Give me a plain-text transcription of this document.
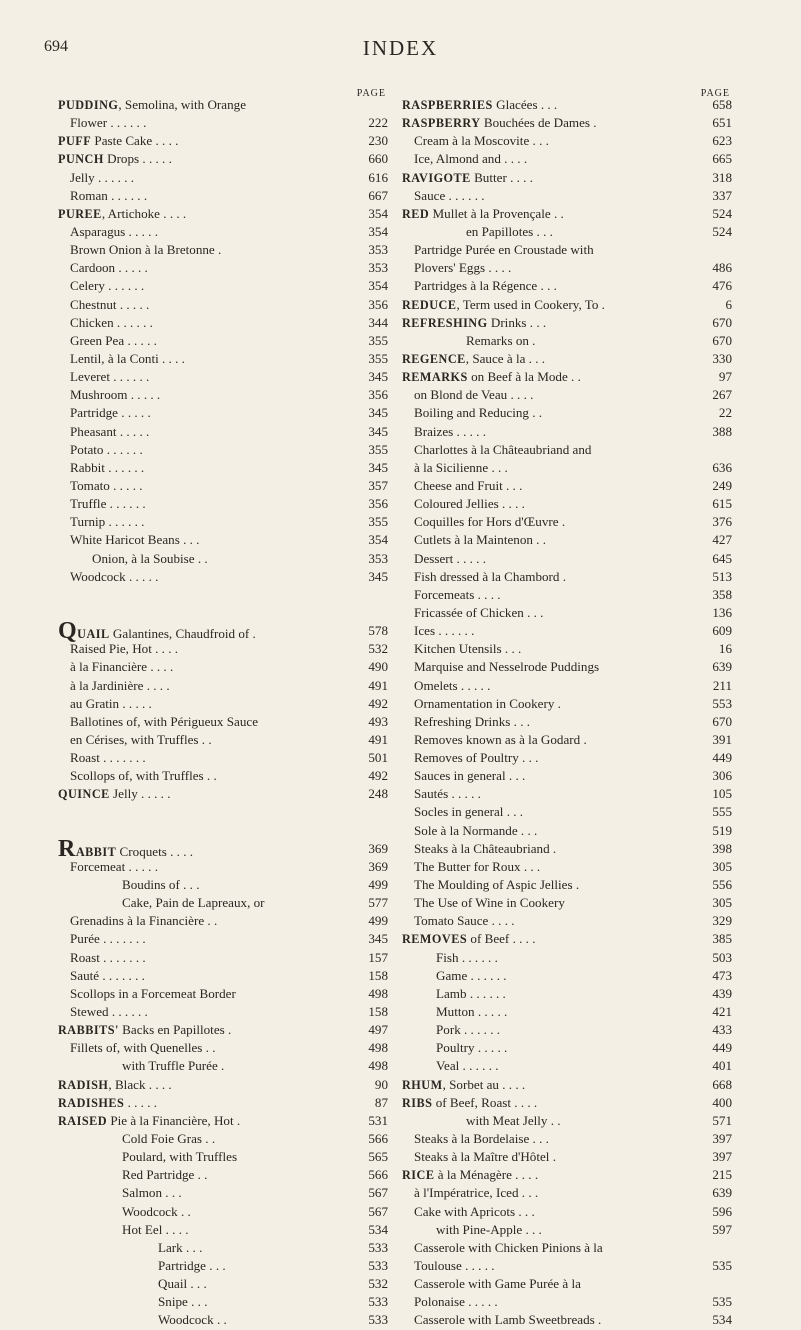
694	INDEX
PAGE
PUDDING, Semolina, with Orange
Flower . . . . . .	222
PUFF Paste Cake . . . .	230
PUNCH Drops . . . . .	660
Jelly . . . . . .	616
Roman . . . . . .	667
PUREE, Artichoke . . . .	354
Asparagus . . . . .	354
Brown Onion à la Bretonne .	353
Cardoon . . . . .	353
Celery . . . . . .	354
Chestnut . . . . .	356
Chicken . . . . . .	344
Green Pea . . . . .	355
Lentil, à la Conti . . . .	355
Leveret . . . . . .	345
Mushroom . . . . .	356
Partridge . . . . .	345
Pheasant . . . . .	345
Potato . . . . . .	355
Rabbit . . . . . .	345
Tomato . . . . .	357
Truffle . . . . . .	356
Turnip . . . . . .	355
White Haricot Beans . . .	354
Onion, à la Soubise . .	353
Woodcock . . . . .	345
QUAIL Galantines, Chaudfroid of .	578
Raised Pie, Hot . . . .	532
à la Financière . . . .	490
à la Jardinière . . . .	491
au Gratin . . . . .	492
Ballotines of, with Périgueux Sauce	493
en Cérises, with Truffles . .	491
Roast . . . . . . .	501
Scollops of, with Truffles . .	492
QUINCE Jelly . . . . .	248
RABBIT Croquets . . . .	369
Forcemeat . . . . .	369
Boudins of . . .	499
Cake, Pain de Lapreaux, or	577
Grenadins à la Financière . .	499
Purée . . . . . . .	345
Roast . . . . . . .	157
Sauté . . . . . . .	158
Scollops in a Forcemeat Border	498
Stewed . . . . . .	158
RABBITS' Backs en Papillotes .	497
Fillets of, with Quenelles . .	498
with Truffle Purée .	498
RADISH, Black . . . .	90
RADISHES . . . . .	87
RAISED Pie à la Financière, Hot .	531
Cold Foie Gras . .	566
Poulard, with Truffles	565
Red Partridge . .	566
Salmon . . .	567
Woodcock . .	567
Hot Eel . . . .	534
Lark . . .	533
Partridge . . .	533
Quail . . .	532
Snipe . . .	533
Woodcock . .	533
PAGE
RASPBERRIES Glacées . . .	658
RASPBERRY Bouchées de Dames .	651
Cream à la Moscovite . . .	623
Ice, Almond and . . . .	665
RAVIGOTE Butter . . . .	318
Sauce . . . . . .	337
RED Mullet à la Provençale . .	524
en Papillotes . . .	524
Partridge Purée en Croustade with
Plovers' Eggs . . . .	486
Partridges à la Régence . . .	476
REDUCE, Term used in Cookery, To .	6
REFRESHING Drinks . . .	670
Remarks on .	670
REGENCE, Sauce à la . . .	330
REMARKS on Beef à la Mode . .	97
on Blond de Veau . . . .	267
Boiling and Reducing . .	22
Braizes . . . . .	388
Charlottes à la Châteaubriand and
à la Sicilienne . . .	636
Cheese and Fruit . . .	249
Coloured Jellies . . . .	615
Coquilles for Hors d'Œuvre .	376
Cutlets à la Maintenon . .	427
Dessert . . . . .	645
Fish dressed à la Chambord .	513
Forcemeats . . . .	358
Fricassée of Chicken . . .	136
Ices . . . . . .	609
Kitchen Utensils . . .	16
Marquise and Nesselrode Puddings	639
Omelets . . . . .	211
Ornamentation in Cookery .	553
Refreshing Drinks . . .	670
Removes known as à la Godard .	391
Removes of Poultry . . .	449
Sauces in general . . .	306
Sautés . . . . .	105
Socles in general . . .	555
Sole à la Normande . . .	519
Steaks à la Châteaubriand .	398
The Butter for Roux . . .	305
The Moulding of Aspic Jellies .	556
The Use of Wine in Cookery	305
Tomato Sauce . . . .	329
REMOVES of Beef . . . .	385
Fish . . . . . .	503
Game . . . . . .	473
Lamb . . . . . .	439
Mutton . . . . .	421
Pork . . . . . .	433
Poultry . . . . .	449
Veal . . . . . .	401
RHUM, Sorbet au . . . .	668
RIBS of Beef, Roast . . . .	400
with Meat Jelly . .	571
Steaks à la Bordelaise . . .	397
Steaks à la Maître d'Hôtel .	397
RICE à la Ménagère . . . .	215
à l'Impératrice, Iced . . .	639
Cake with Apricots . . .	596
with Pine-Apple . . .	597
Casserole with Chicken Pinions à la
Toulouse . . . . .	535
Casserole with Game Purée à la
Polonaise . . . . .	535
Casserole with Lamb Sweetbreads .	534
